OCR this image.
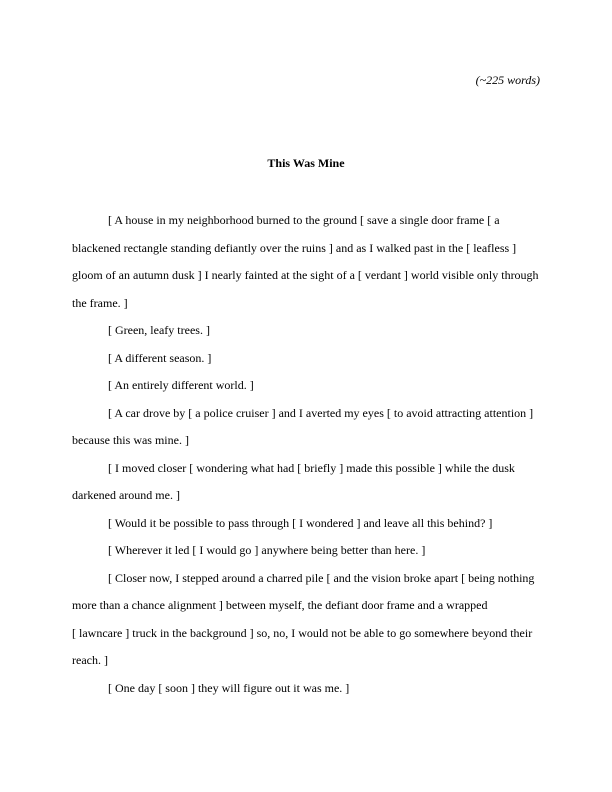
(~225 words)
This Was Mine

[ A house in my neighborhood burned to the ground [ save a single door frame [ a
blackened rectangle standing defiantly over the ruins ] and as I walked past in the [ leafless ]
gloom of an autumn dusk ] I nearly fainted at the sight of a [ verdant ] world visible only through
the frame. ]

[ Green, leafy trees. ]

[ A different season. ]

[ An entirely different world. ]

[ A car drove by [ a police cruiser ] and I averted my eyes [ to avoid attracting attention ]
because this was mine. ]

[ I moved closer [ wondering what had [ briefly ] made this possible ] while the dusk
darkened around me. ]

[ Would it be possible to pass through [ I wondered ] and leave all this behind? ]

[ Wherever it led [ I would go ] anywhere being better than here. ]

[ Closer now, I stepped around a charred pile [ and the vision broke apart [ being nothing
more than a chance alignment ] between myself, the defiant door frame and a wrapped
[ lawncare ] truck in the background ] so, no, I would not be able to go somewhere beyond their
reach. ]

[ One day [ soon ] they will figure out it was me. ]
